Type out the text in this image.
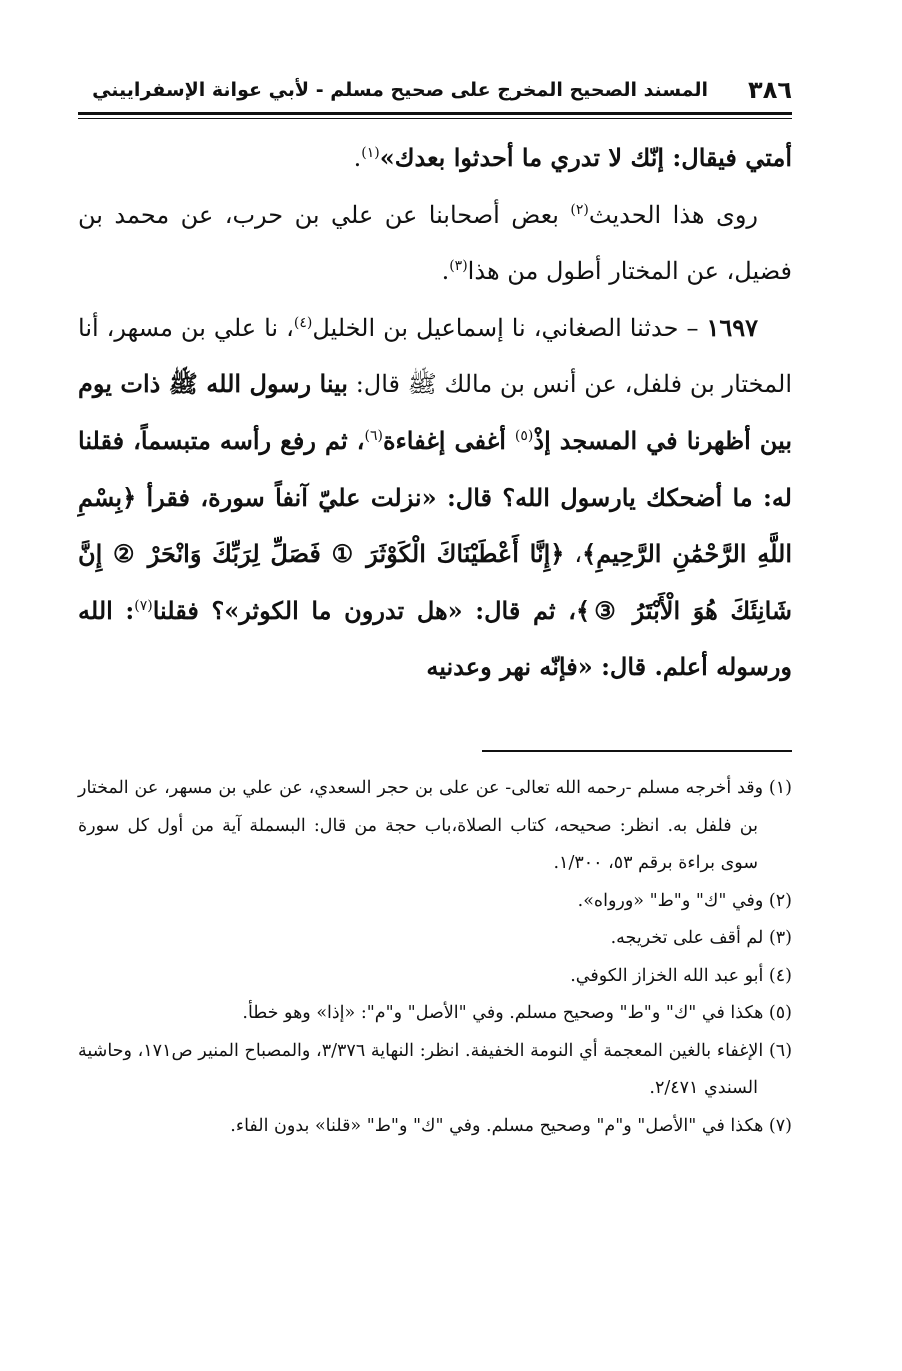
٣٨٦
المسند الصحيح المخرج على صحيح مسلم - لأبي عوانة الإسفراييني

أمتي فيقال: إنّك لا تدري ما أحدثوا بعدك»$^{(١)}$.

روى هذا الحديث$^{(٢)}$ بعض أصحابنا عن علي بن حرب، عن محمد بن فضيل، عن المختار أطول من هذا$^{(٣)}$.

١٦٩٧ – حدثنا الصغاني، نا إسماعيل بن الخليل$^{(٤)}$، نا علي بن مسهر، أنا المختار بن فلفل، عن أنس بن مالك ﷺ قال: بينا رسول الله ﷺ ذات يوم بين أظهرنا في المسجد إذْ$^{(٥)}$ أغفى إغفاءة$^{(٦)}$، ثم رفع رأسه متبسماً، فقلنا له: ما أضحكك يارسول الله؟ قال: «نزلت عليّ آنفاً سورة، فقرأ ﴿بِسْمِ اللَّهِ الرَّحْمَٰنِ الرَّحِيمِ﴾، ﴿إِنَّا أَعْطَيْنَاكَ الْكَوْثَرَ ① فَصَلِّ لِرَبِّكَ وَانْحَرْ ② إِنَّ شَانِئَكَ هُوَ الْأَبْتَرُ ③﴾، ثم قال: «هل تدرون ما الكوثر»؟ فقلنا$^{(٧)}$: الله ورسوله أعلم. قال: «فإنّه نهر وعدنيه

(١) وقد أخرجه مسلم -رحمه الله تعالى- عن على بن حجر السعدي، عن علي بن مسهر، عن المختار بن فلفل به. انظر: صحيحه، كتاب الصلاة،باب حجة من قال: البسملة آية من أول كل سورة سوى براءة برقم ٥٣، ١/٣٠٠.
(٢) وفي "ك" و"ط" «ورواه».
(٣) لم أقف على تخريجه.
(٤) أبو عبد الله الخزاز الكوفي.
(٥) هكذا في "ك" و"ط" وصحيح مسلم. وفي "الأصل" و"م": «إذا» وهو خطأ.
(٦) الإغفاء بالغين المعجمة أي النومة الخفيفة. انظر: النهاية ٣/٣٧٦، والمصباح المنير ص١٧١، وحاشية السندي ٢/٤٧١.
(٧) هكذا في "الأصل" و"م" وصحيح مسلم. وفي "ك" و"ط" «قلنا» بدون الفاء.
